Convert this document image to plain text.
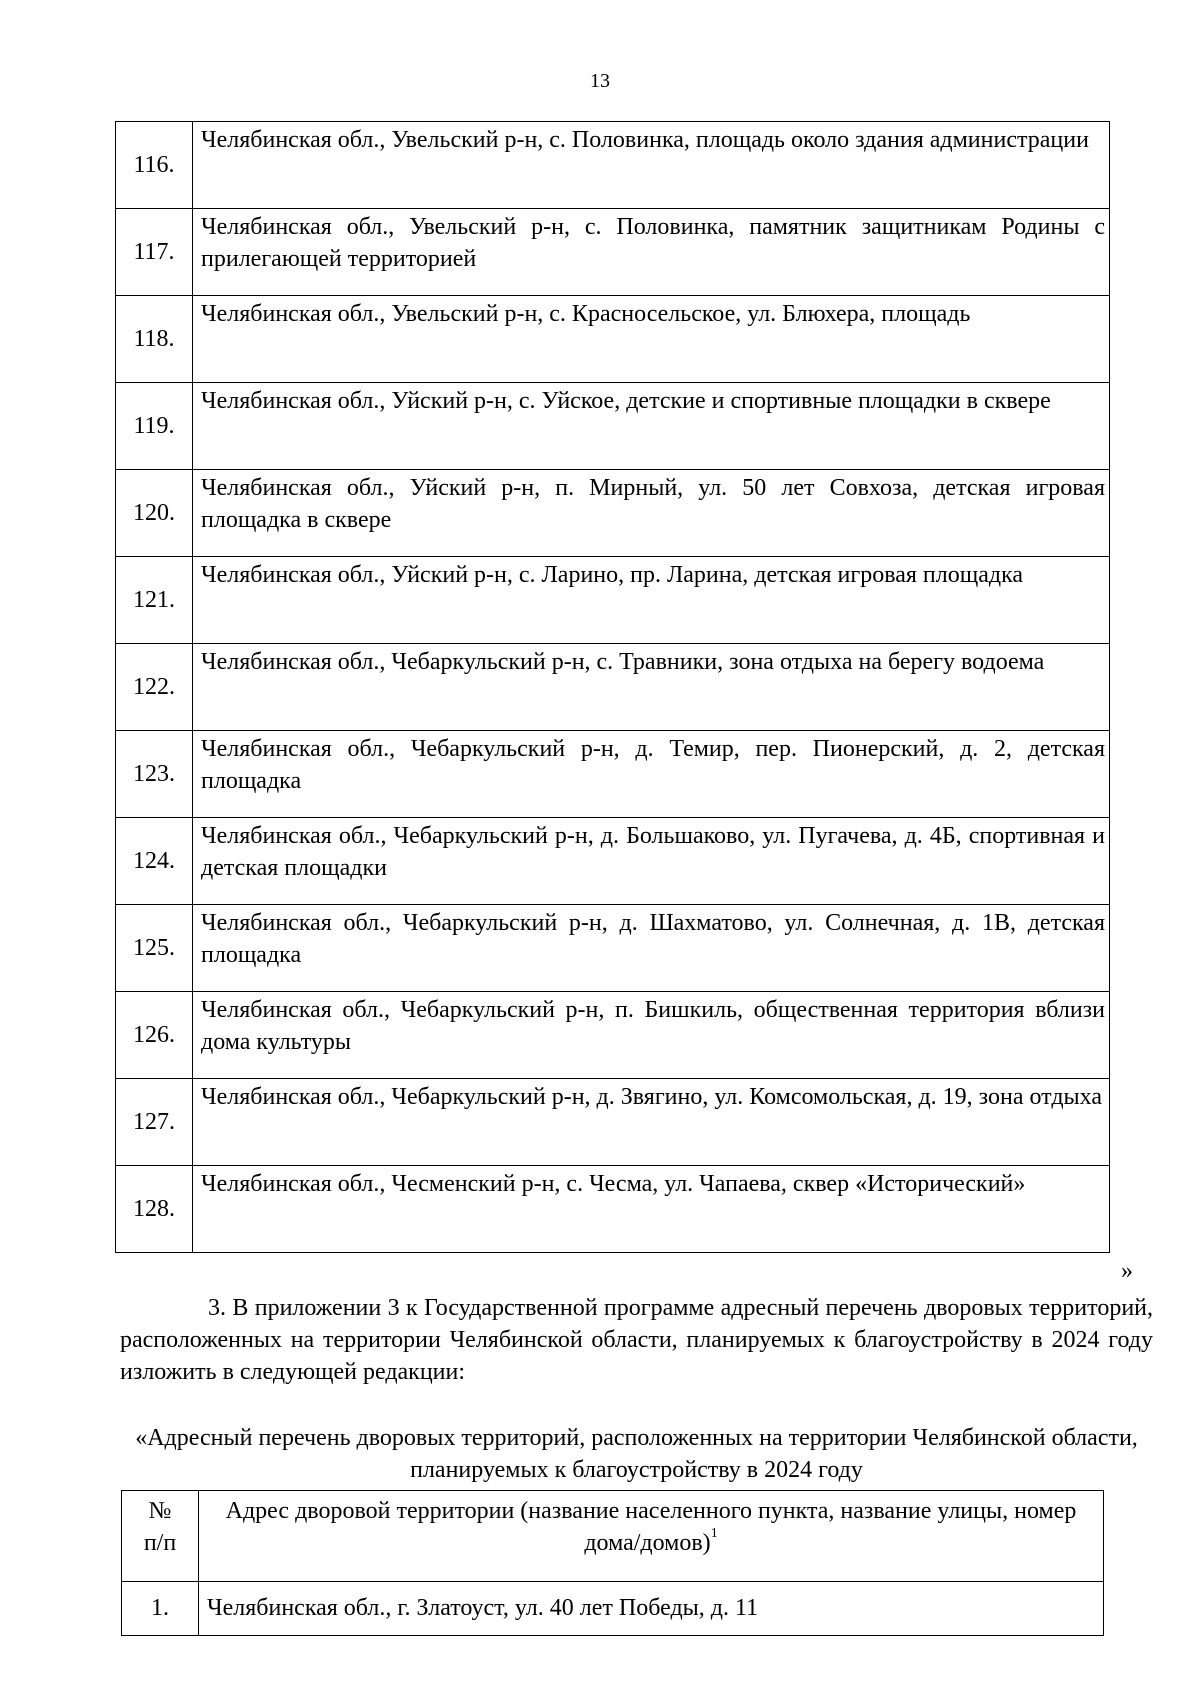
13
116.	Челябинская обл., Увельский р-н, с. Половинка, площадь около здания администрации
117.	Челябинская обл., Увельский р-н, с. Половинка, памятник защитникам Родины с прилегающей территорией
118.	Челябинская обл., Увельский р-н, с. Красносельское, ул. Блюхера, площадь
119.	Челябинская обл., Уйский р-н, с. Уйское, детские и спортивные площадки в сквере
120.	Челябинская обл., Уйский р-н, п. Мирный, ул. 50 лет Совхоза, детская игровая площадка в сквере
121.	Челябинская обл., Уйский р-н, с. Ларино, пр. Ларина, детская игровая площадка
122.	Челябинская обл., Чебаркульский р-н, с. Травники, зона отдыха на берегу водоема
123.	Челябинская обл., Чебаркульский р-н, д. Темир, пер. Пионерский, д. 2, детская площадка
124.	Челябинская обл., Чебаркульский р-н, д. Большаково, ул. Пугачева, д. 4Б, спортивная и детская площадки
125.	Челябинская обл., Чебаркульский р-н, д. Шахматово, ул. Солнечная, д. 1В, детская площадка
126.	Челябинская обл., Чебаркульский р-н, п. Бишкиль, общественная территория вблизи дома культуры
127.	Челябинская обл., Чебаркульский р-н, д. Звягино, ул. Комсомольская, д. 19, зона отдыха
128.	Челябинская обл., Чесменский р-н, с. Чесма, ул. Чапаева, сквер «Исторический»
»

3. В приложении 3 к Государственной программе адресный перечень дворовых территорий, расположенных на территории Челябинской области, планируемых к благоустройству в 2024 году изложить в следующей редакции:

«Адресный перечень дворовых территорий, расположенных на территории Челябинской области, планируемых к благоустройству в 2024 году

№
п/п	Адрес дворовой территории (название населенного пункта, название улицы, номер дома/домов)$^1$
1.	Челябинская обл., г. Златоуст, ул. 40 лет Победы, д. 11
